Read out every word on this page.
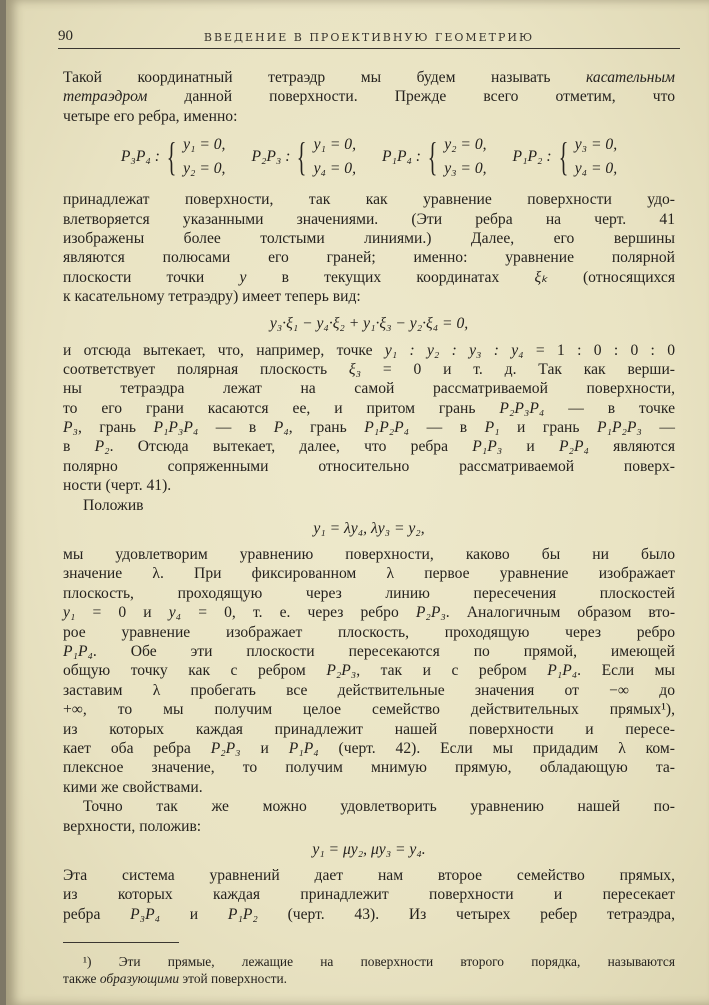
90	ВВЕДЕНИЕ В ПРОЕКТИВНУЮ ГЕОМЕТРИЮ
Такой координатный тетраэдр мы будем называть касательным
тетраэдром данной поверхности. Прежде всего отметим, что
четыре его ребра, именно:
P₃P₄ : { y₁ = 0,
y₂ = 0,
P₂P₃ : { y₁ = 0,
y₄ = 0,
P₁P₄ : { y₂ = 0,
y₃ = 0,
P₁P₂ : { y₃ = 0,
y₄ = 0,
принадлежат поверхности, так как уравнение поверхности удо-
влетворяется указанными значениями. (Эти ребра на черт. 41
изображены более толстыми линиями.) Далее, его вершины
являются полюсами его граней; именно: уравнение полярной
плоскости точки y в текущих координатах ξₖ (относящихся
к касательному тетраэдру) имеет теперь вид:
y₃·ξ₁ − y₄·ξ₂ + y₁·ξ₃ − y₂·ξ₄ = 0,
и отсюда вытекает, что, например, точке y₁ : y₂ : y₃ : y₄ = 1 : 0 : 0 : 0
соответствует полярная плоскость ξ₃ = 0 и т. д. Так как верши-
ны тетраэдра лежат на самой рассматриваемой поверхности,
то его грани касаются ее, и притом грань P₂P₃P₄ — в точке
P₃, грань P₁P₃P₄ — в P₄, грань P₁P₂P₄ — в P₁ и грань P₁P₂P₃ —
в P₂. Отсюда вытекает, далее, что ребра P₁P₃ и P₂P₄ являются
полярно сопряженными относительно рассматриваемой поверх-
ности (черт. 41).
Положив
y₁ = λy₄, λy₃ = y₂,
мы удовлетворим уравнению поверхности, каково бы ни было
значение λ. При фиксированном λ первое уравнение изображает
плоскость, проходящую через линию пересечения плоскостей
y₁ = 0 и y₄ = 0, т. е. через ребро P₂P₃. Аналогичным образом вто-
рое уравнение изображает плоскость, проходящую через ребро
P₁P₄. Обе эти плоскости пересекаются по прямой, имеющей
общую точку как с ребром P₂P₃, так и с ребром P₁P₄. Если мы
заставим λ пробегать все действительные значения от −∞ до
+∞, то мы получим целое семейство действительных прямых¹),
из которых каждая принадлежит нашей поверхности и пересе-
кает оба ребра P₂P₃ и P₁P₄ (черт. 42). Если мы придадим λ ком-
плексное значение, то получим мнимую прямую, обладающую та-
кими же свойствами.
Точно так же можно удовлетворить уравнению нашей по-
верхности, положив:
y₁ = μy₂, μy₃ = y₄.
Эта система уравнений дает нам второе семейство прямых,
из которых каждая принадлежит поверхности и пересекает
ребра P₃P₄ и P₁P₂ (черт. 43). Из четырех ребер тетраэдра,
¹) Эти прямые, лежащие на поверхности второго порядка, называются
также образующими этой поверхности.
